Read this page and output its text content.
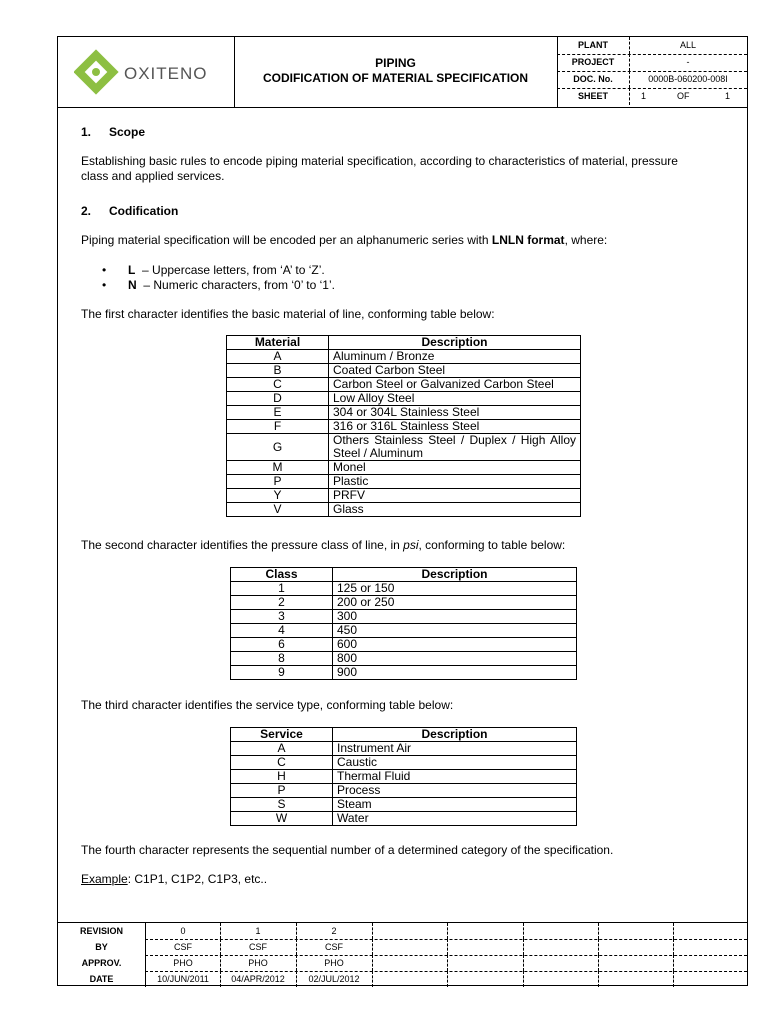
OXITENO
PIPING
CODIFICATION OF MATERIAL SPECIFICATION
PLANT	ALL
PROJECT	-
DOC. No.	0000B-060200-008I
SHEET	1	OF	1
1. Scope
Establishing basic rules to encode piping material specification, according to characteristics of material, pressure
class and applied services.
2. Codification
Piping material specification will be encoded per an alphanumeric series with LNLN format, where:
• L – Uppercase letters, from ‘A’ to ‘Z’.
• N – Numeric characters, from ‘0’ to ‘1’.
The first character identifies the basic material of line, conforming table below:
Material	Description
A	Aluminum / Bronze
B	Coated Carbon Steel
C	Carbon Steel or Galvanized Carbon Steel
D	Low Alloy Steel
E	304 or 304L Stainless Steel
F	316 or 316L Stainless Steel
G	Others Stainless Steel / Duplex / High Alloy Steel / Aluminum
M	Monel
P	Plastic
Y	PRFV
V	Glass
The second character identifies the pressure class of line, in psi, conforming to table below:
Class	Description
1	125 or 150
2	200 or 250
3	300
4	450
6	600
8	800
9	900
The third character identifies the service type, conforming table below:
Service	Description
A	Instrument Air
C	Caustic
H	Thermal Fluid
P	Process
S	Steam
W	Water
The fourth character represents the sequential number of a determined category of the specification.
Example: C1P1, C1P2, C1P3, etc..
REVISION	0	1	2
BY	CSF	CSF	CSF
APPROV.	PHO	PHO	PHO
DATE	10/JUN/2011	04/APR/2012	02/JUL/2012
